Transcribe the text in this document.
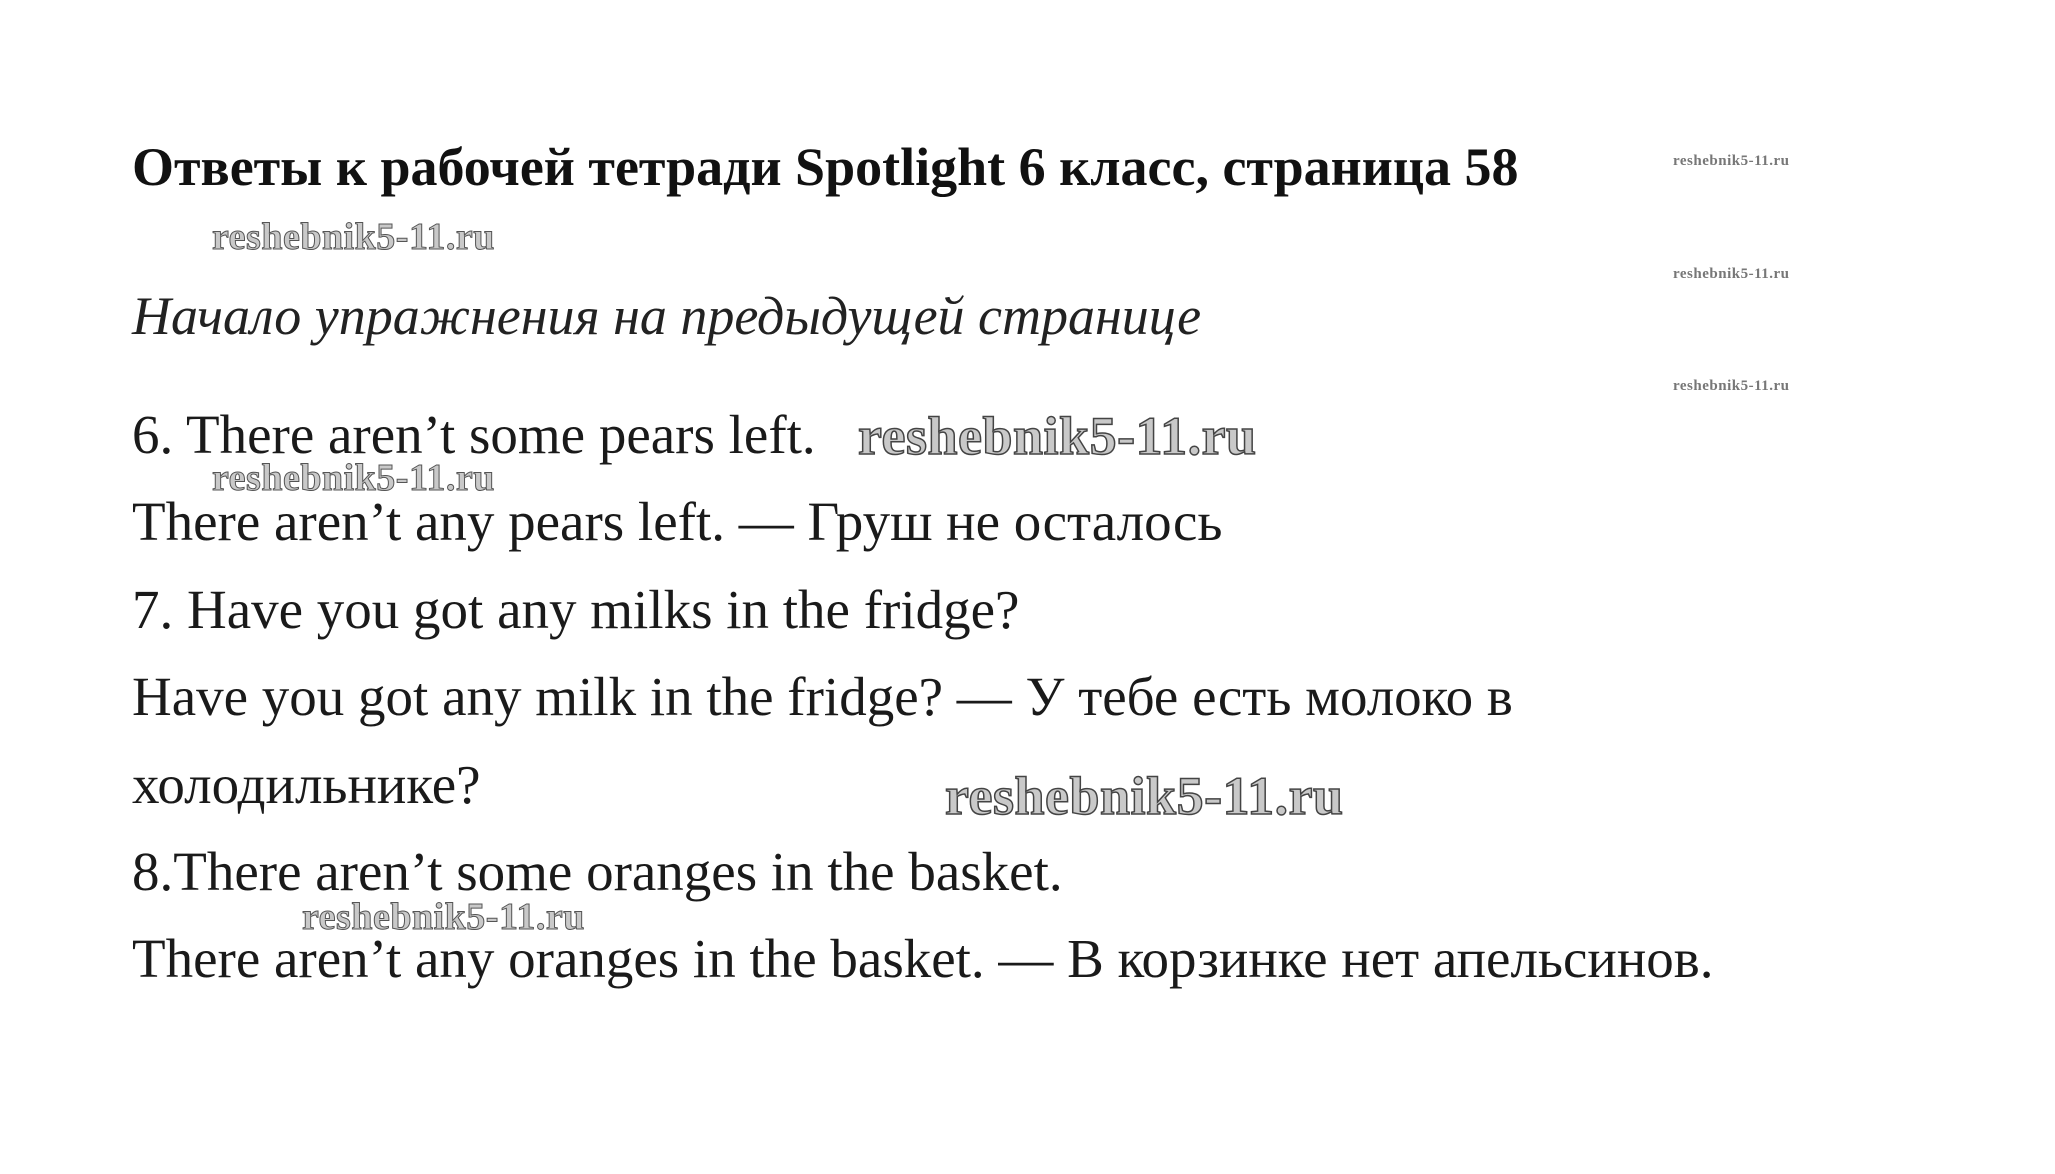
Ответы к рабочей тетради Spotlight 6 класс, страница 58	reshebnik5-11.ru
reshebnik5-11.ru
reshebnik5-11.ru
Начало упражнения на предыдущей странице
reshebnik5-11.ru
6. There aren’t some pears left. reshebnik5-11.ru
reshebnik5-11.ru
There aren’t any pears left. — Груш не осталось
7. Have you got any milks in the fridge?
Have you got any milk in the fridge? — У тебе есть молоко в
холодильнике?	reshebnik5-11.ru
8.There aren’t some oranges in the basket.
reshebnik5-11.ru
There aren’t any oranges in the basket. — В корзинке нет апельсинов.
